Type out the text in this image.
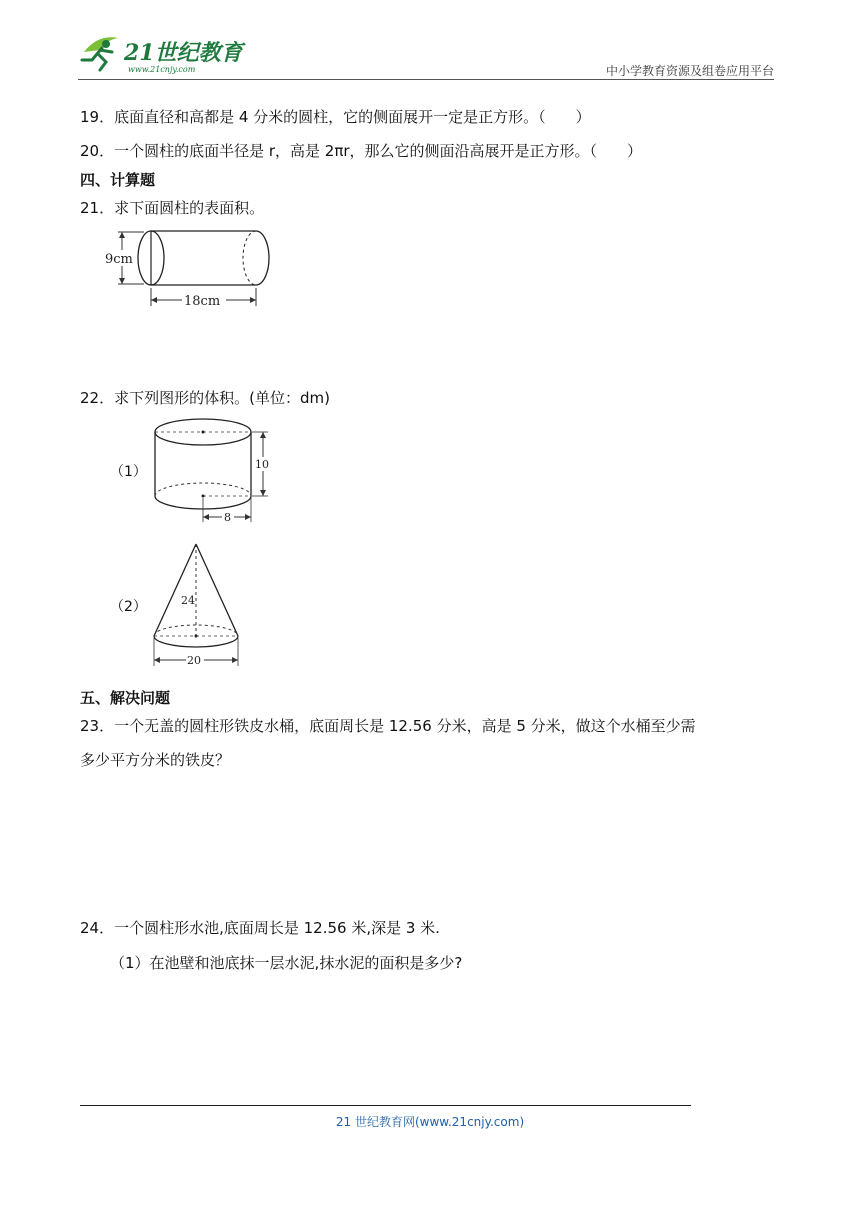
21世纪教育
www.21cnjy.com	中小学教育资源及组卷应用平台
19．底面直径和高都是 4 分米的圆柱，它的侧面展开一定是正方形。（　　）
20．一个圆柱的底面半径是 r，高是 2πr，那么它的侧面沿高展开是正方形。（　　）
四、计算题
21．求下面圆柱的表面积。
9cm
18cm
22．求下列图形的体积。(单位：dm)
（1）	10
8
（2）	24
20
五、解决问题
23．一个无盖的圆柱形铁皮水桶，底面周长是 12.56 分米，高是 5 分米，做这个水桶至少需
多少平方分米的铁皮？
24．一个圆柱形水池,底面周长是 12.56 米,深是 3 米.
（1）在池壁和池底抹一层水泥,抹水泥的面积是多少?
21 世纪教育网(www.21cnjy.com)
